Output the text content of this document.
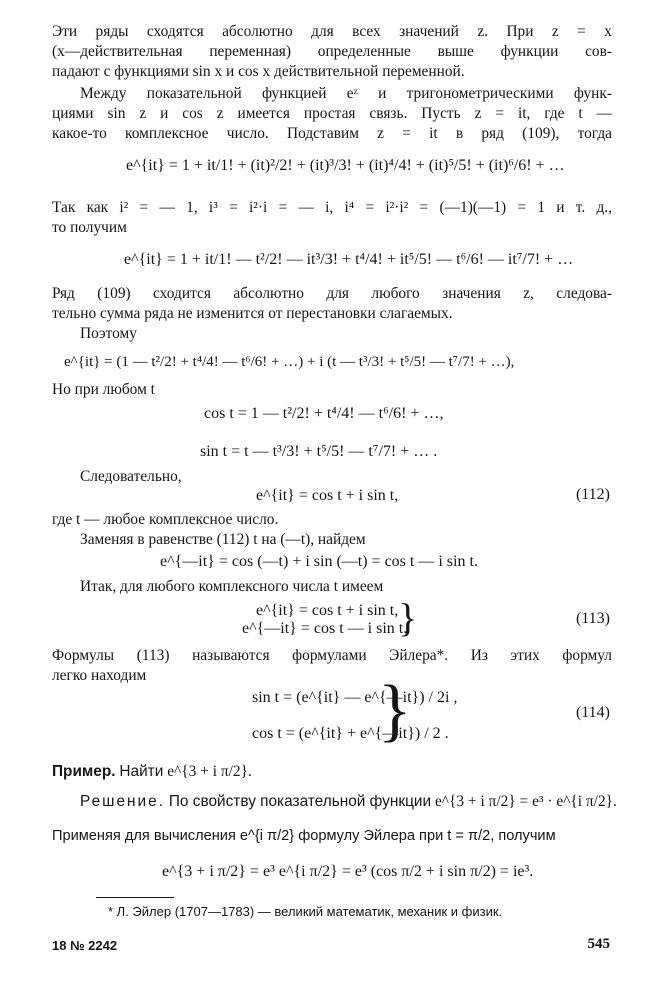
Эти ряды сходятся абсолютно для всех значений z. При z = x
(x—действительная переменная) определенные выше функции сов-
падают с функциями sin x и cos x действительной переменной.
Между показательной функцией eᶻ и тригонометрическими функ-
циями sin z и cos z имеется простая связь. Пусть z = it, где t —
какое-то комплексное число. Подставим z = it в ряд (109), тогда
e^{it} = 1 + it/1! + (it)²/2! + (it)³/3! + (it)⁴/4! + (it)⁵/5! + (it)⁶/6! + …
Так как i² = — 1, i³ = i²·i = — i, i⁴ = i²·i² = (—1)(—1) = 1 и т. д.,
то получим
e^{it} = 1 + it/1! — t²/2! — it³/3! + t⁴/4! + it⁵/5! — t⁶/6! — it⁷/7! + …
Ряд (109) сходится абсолютно для любого значения z, следова-
тельно сумма ряда не изменится от перестановки слагаемых.
Поэтому
e^{it} = (1 — t²/2! + t⁴/4! — t⁶/6! + …) + i (t — t³/3! + t⁵/5! — t⁷/7! + …),
Но при любом t
cos t = 1 — t²/2! + t⁴/4! — t⁶/6! + …,
sin t = t — t³/3! + t⁵/5! — t⁷/7! + … .
Следовательно,
e^{it} = cos t + i sin t,	(112)
где t — любое комплексное число.
Заменяя в равенстве (112) t на (—t), найдем
e^{—it} = cos (—t) + i sin (—t) = cos t — i sin t.
Итак, для любого комплексного числа t имеем
e^{it} = cos t + i sin t,
e^{—it} = cos t — i sin t.
}	(113)
Формулы (113) называются формулами Эйлера*. Из этих формул
легко находим
sin t = (e^{it} — e^{—it}) / 2i ,
cos t = (e^{it} + e^{—it}) / 2 .
}	(114)
Пример. Найти e^{3 + i π/2}.
Решение. По свойству показательной функции e^{3 + i π/2} = e³ · e^{i π/2}.
Применяя для вычисления e^{i π/2} формулу Эйлера при t = π/2, получим
e^{3 + i π/2} = e³ e^{i π/2} = e³ (cos π/2 + i sin π/2) = ie³.
* Л. Эйлер (1707—1783) — великий математик, механик и физик.
18 № 2242	545
